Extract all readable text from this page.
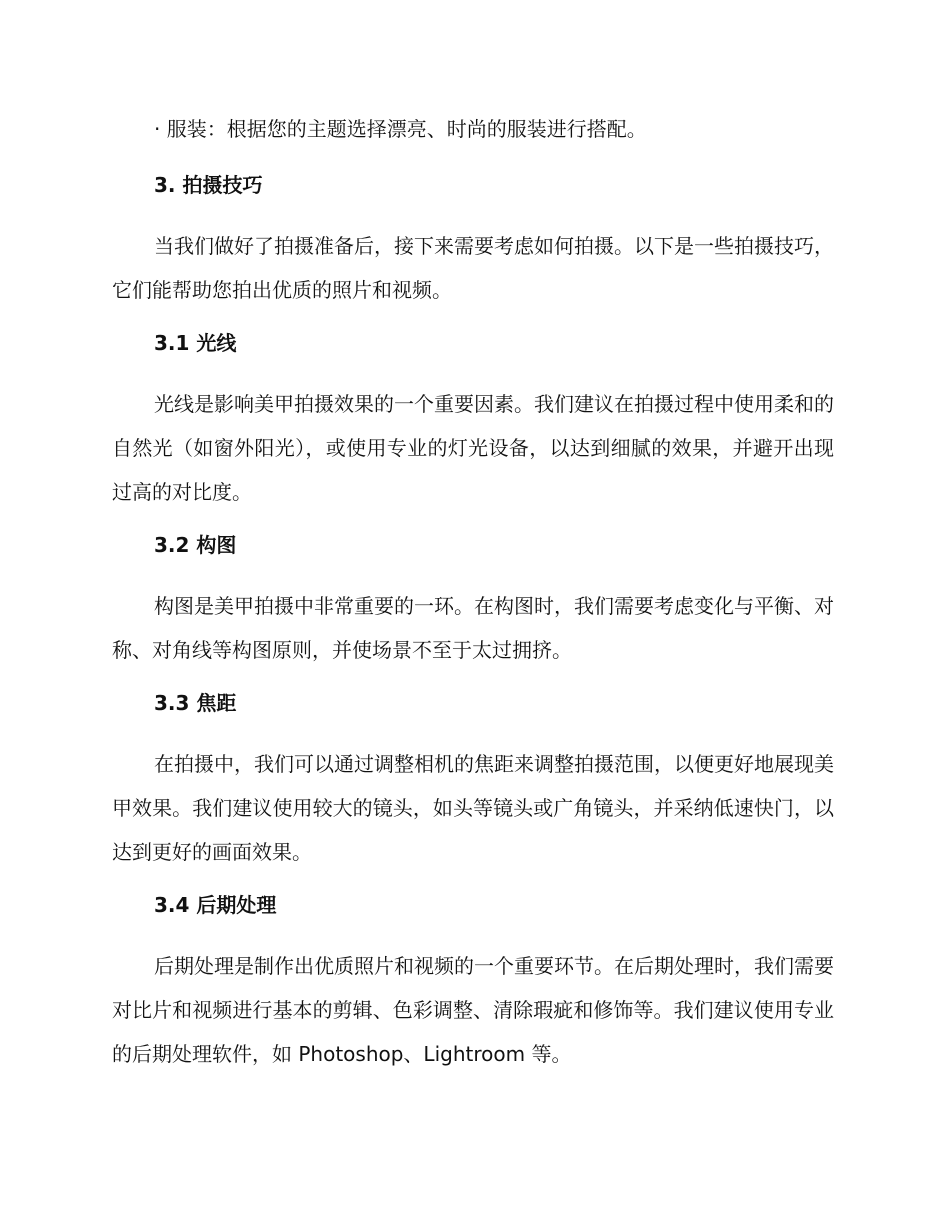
· 服装：根据您的主题选择漂亮、时尚的服装进行搭配。

3. 拍摄技巧

当我们做好了拍摄准备后，接下来需要考虑如何拍摄。以下是一些拍摄技巧，它们能帮助您拍出优质的照片和视频。

3.1 光线

光线是影响美甲拍摄效果的一个重要因素。我们建议在拍摄过程中使用柔和的自然光（如窗外阳光），或使用专业的灯光设备，以达到细腻的效果，并避开出现过高的对比度。

3.2 构图

构图是美甲拍摄中非常重要的一环。在构图时，我们需要考虑变化与平衡、对称、对角线等构图原则，并使场景不至于太过拥挤。

3.3 焦距

在拍摄中，我们可以通过调整相机的焦距来调整拍摄范围，以便更好地展现美甲效果。我们建议使用较大的镜头，如头等镜头或广角镜头，并采纳低速快门，以达到更好的画面效果。

3.4 后期处理

后期处理是制作出优质照片和视频的一个重要环节。在后期处理时，我们需要对比片和视频进行基本的剪辑、色彩调整、清除瑕疵和修饰等。我们建议使用专业的后期处理软件，如 Photoshop、Lightroom 等。
